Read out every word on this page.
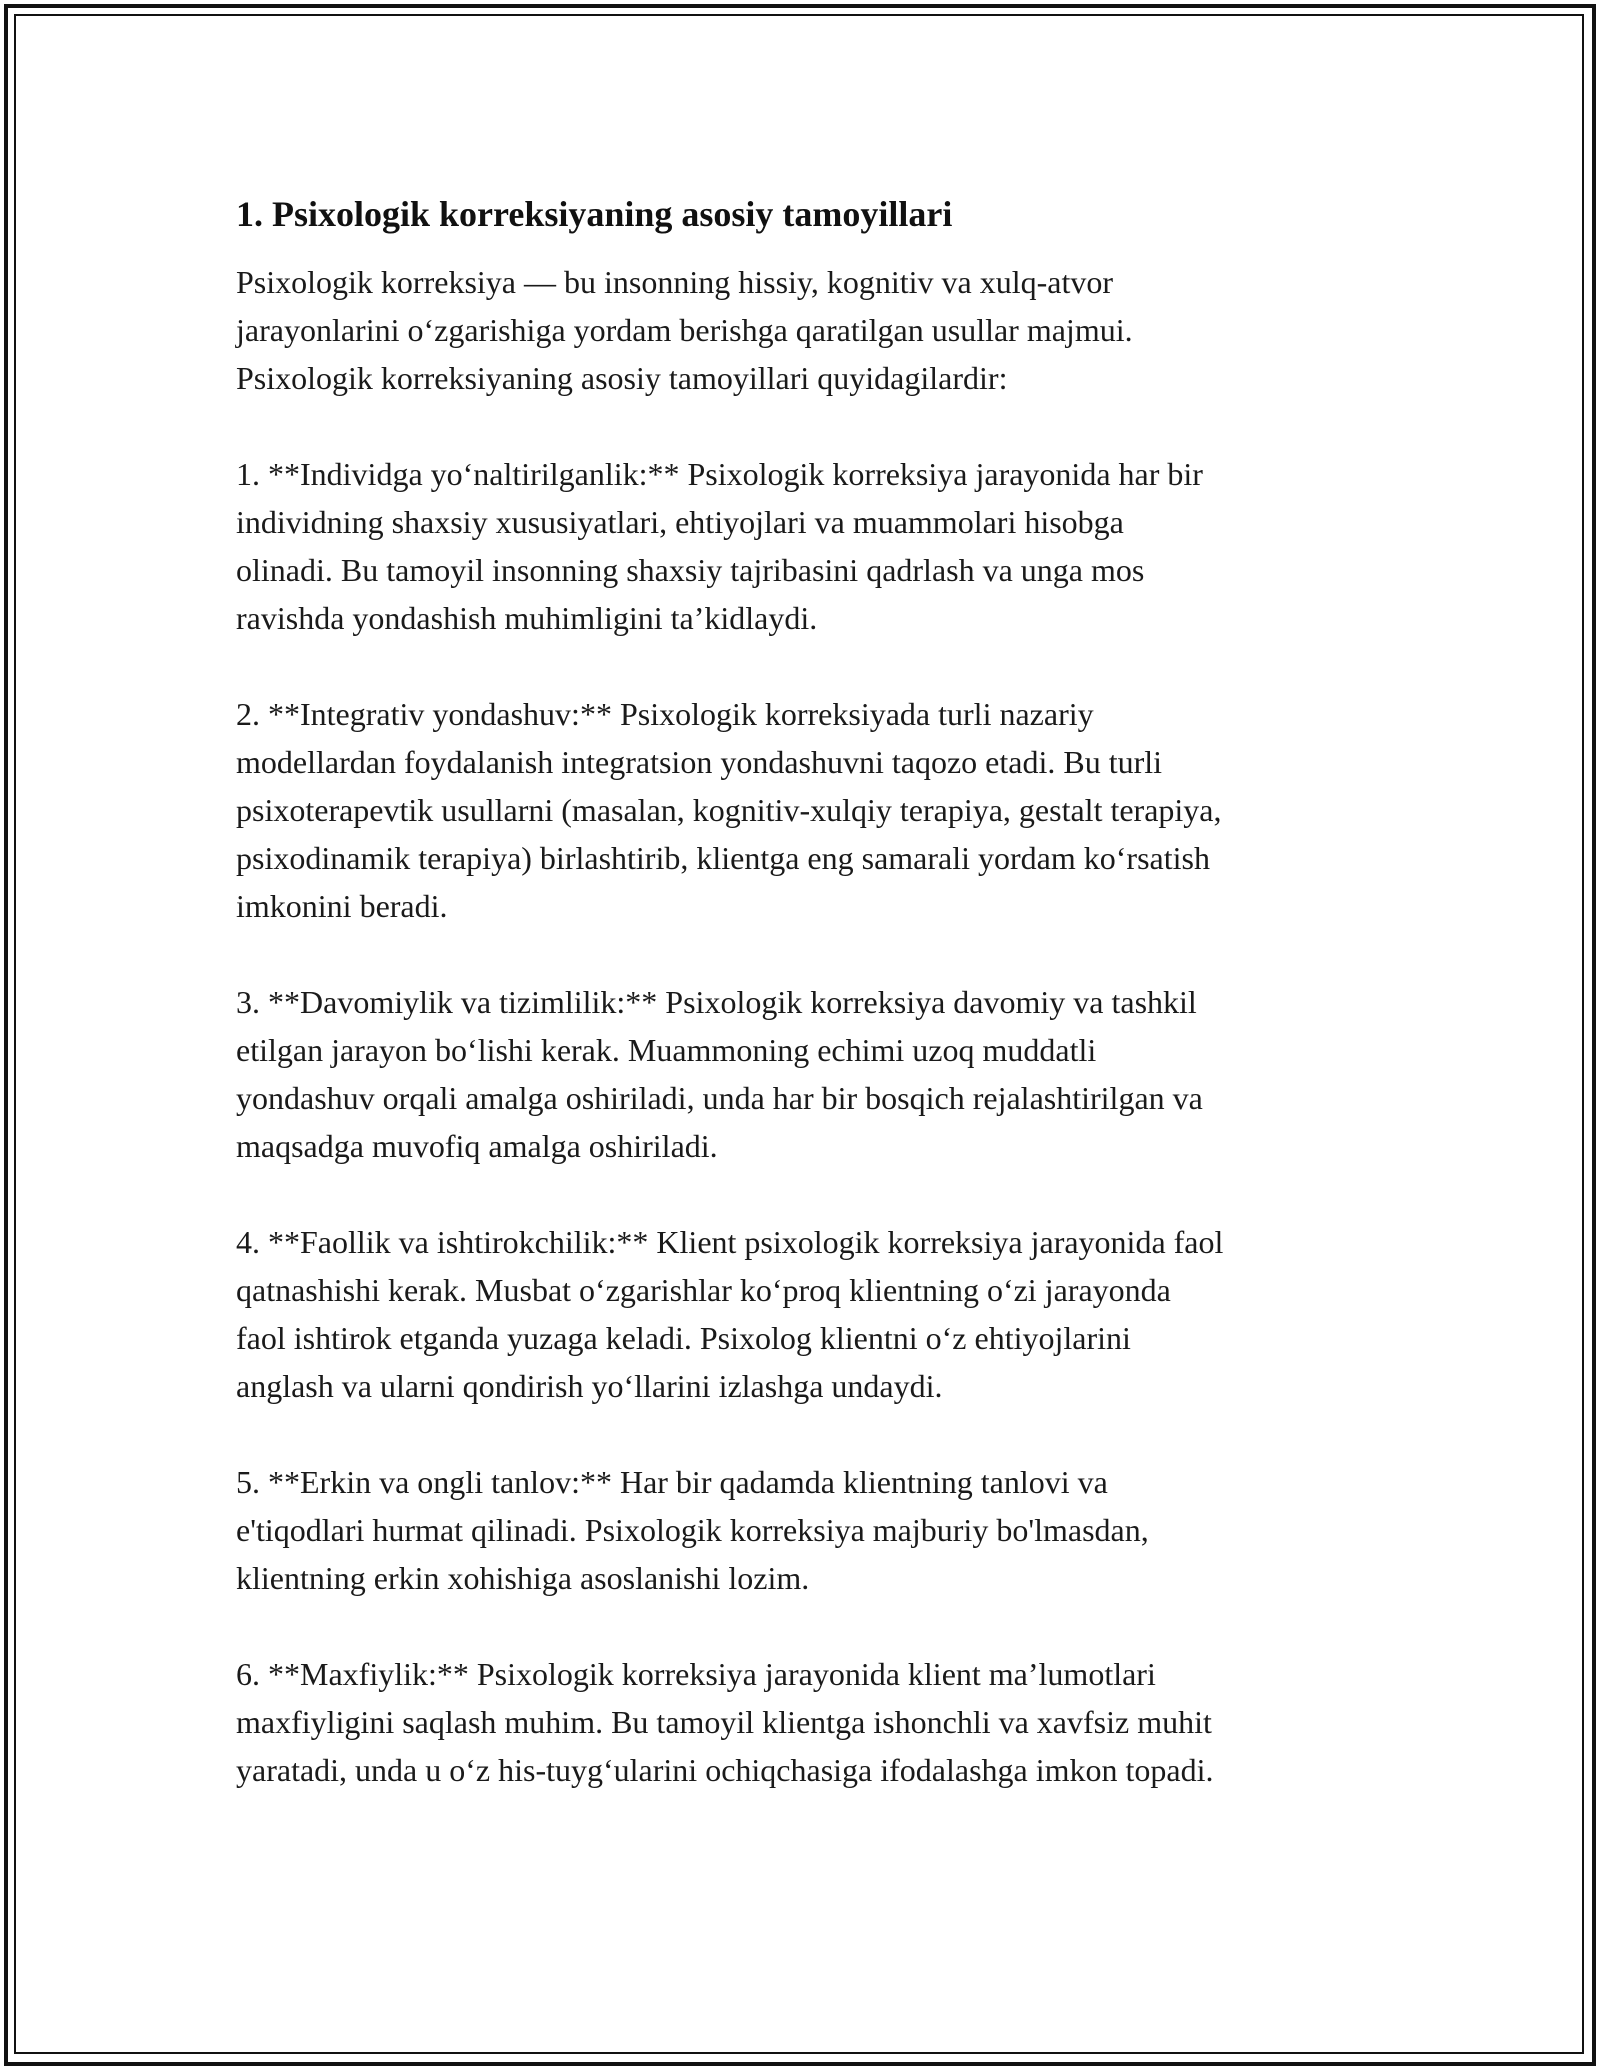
1. Psixologik korreksiyaning asosiy tamoyillari

Psixologik korreksiya — bu insonning hissiy, kognitiv va xulq-atvor
jarayonlarini oʻzgarishiga yordam berishga qaratilgan usullar majmui.
Psixologik korreksiyaning asosiy tamoyillari quyidagilardir:

1. **Individga yoʻnaltirilganlik:** Psixologik korreksiya jarayonida har bir
individning shaxsiy xususiyatlari, ehtiyojlari va muammolari hisobga
olinadi. Bu tamoyil insonning shaxsiy tajribasini qadrlash va unga mos
ravishda yondashish muhimligini ta’kidlaydi.

2. **Integrativ yondashuv:** Psixologik korreksiyada turli nazariy
modellardan foydalanish integratsion yondashuvni taqozo etadi. Bu turli
psixoterapevtik usullarni (masalan, kognitiv-xulqiy terapiya, gestalt terapiya,
psixodinamik terapiya) birlashtirib, klientga eng samarali yordam koʻrsatish
imkonini beradi.

3. **Davomiylik va tizimlilik:** Psixologik korreksiya davomiy va tashkil
etilgan jarayon boʻlishi kerak. Muammoning echimi uzoq muddatli
yondashuv orqali amalga oshiriladi, unda har bir bosqich rejalashtirilgan va
maqsadga muvofiq amalga oshiriladi.

4. **Faollik va ishtirokchilik:** Klient psixologik korreksiya jarayonida faol
qatnashishi kerak. Musbat oʻzgarishlar koʻproq klientning oʻzi jarayonda
faol ishtirok etganda yuzaga keladi. Psixolog klientni oʻz ehtiyojlarini
anglash va ularni qondirish yoʻllarini izlashga undaydi.

5. **Erkin va ongli tanlov:** Har bir qadamda klientning tanlovi va
e'tiqodlari hurmat qilinadi. Psixologik korreksiya majburiy bo'lmasdan,
klientning erkin xohishiga asoslanishi lozim.

6. **Maxfiylik:** Psixologik korreksiya jarayonida klient ma’lumotlari
maxfiyligini saqlash muhim. Bu tamoyil klientga ishonchli va xavfsiz muhit
yaratadi, unda u oʻz his-tuygʻularini ochiqchasiga ifodalashga imkon topadi.
